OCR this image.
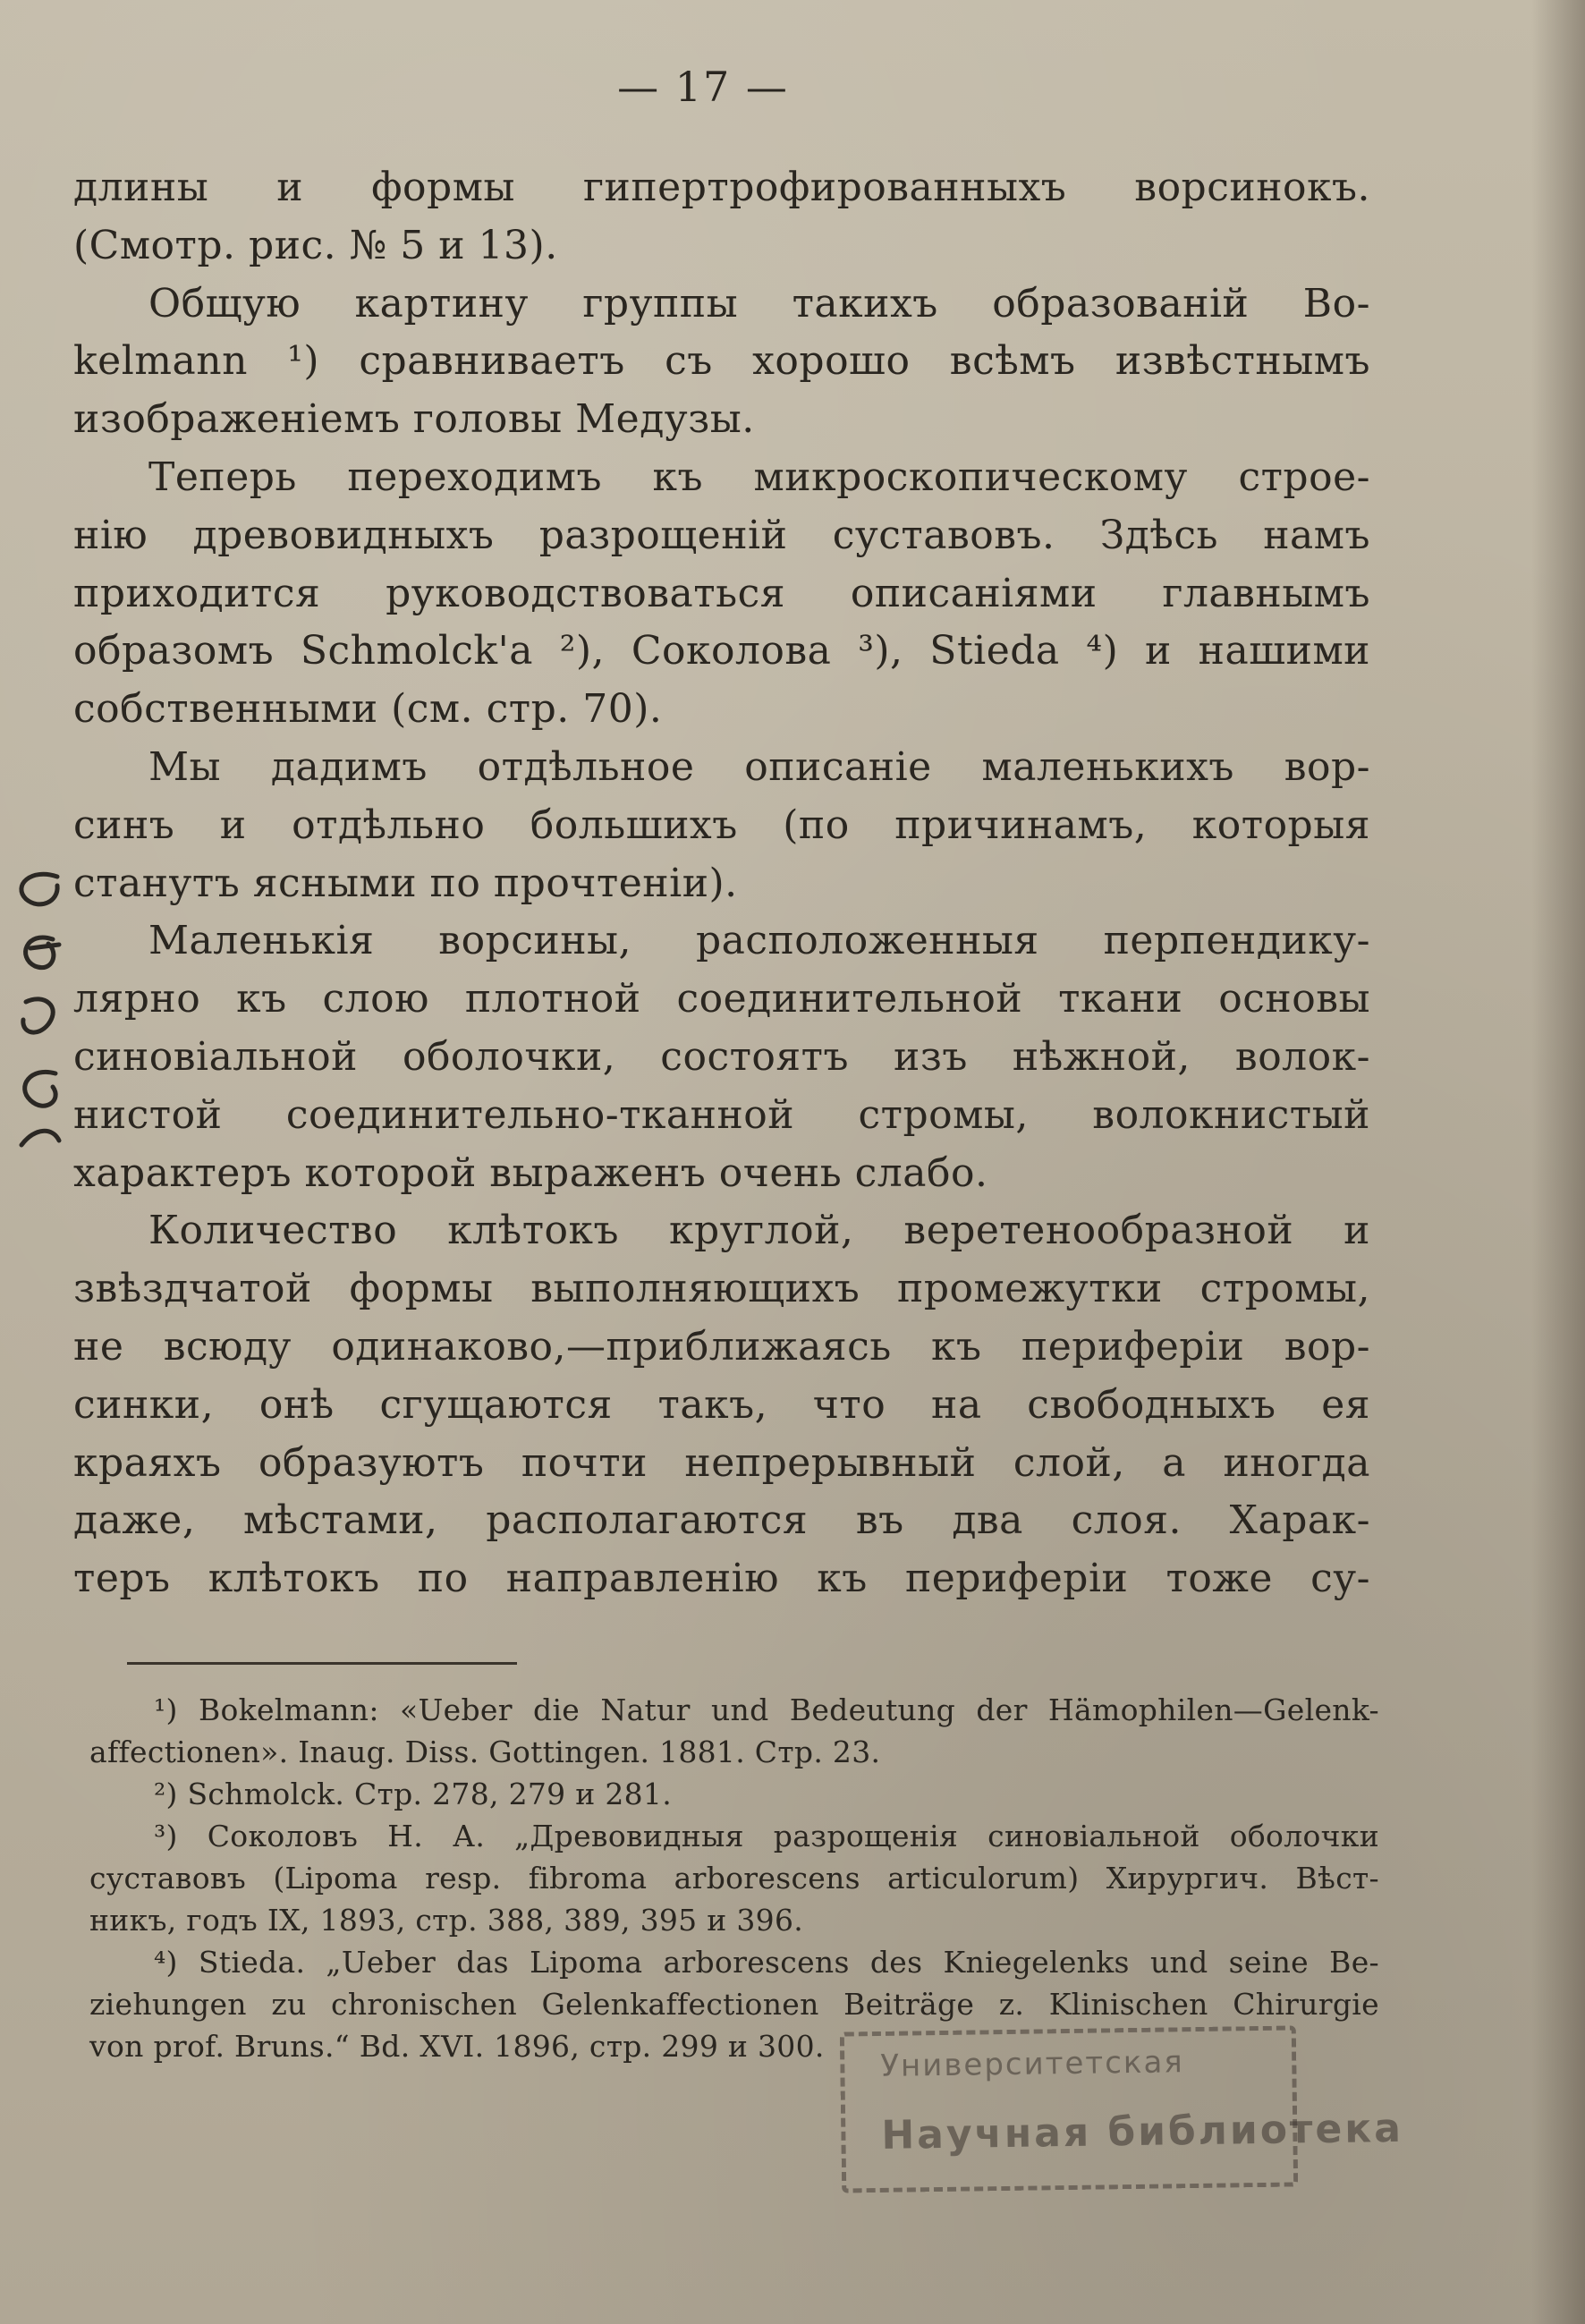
— 17 —

длины и формы гипертрофированныхъ ворсинокъ.
(Смотр. рис. № 5 и 13).

Общую картину группы такихъ образованій Во-
kelmann ¹) сравниваетъ съ хорошо всѣмъ извѣстнымъ
изображеніемъ головы Медузы.

Теперь переходимъ къ микроскопическому строе-
нію древовидныхъ разрощеній суставовъ. Здѣсь намъ
приходится руководствоваться описаніями главнымъ
образомъ Schmolck'а ²), Соколова ³), Stieda ⁴) и нашими
собственными (см. стр. 70).

Мы дадимъ отдѣльное описаніе маленькихъ вор-
синъ и отдѣльно большихъ (по причинамъ, которыя
станутъ ясными по прочтеніи).

Маленькія ворсины, расположенныя перпендику-
лярно къ слою плотной соединительной ткани основы
синовіальной оболочки, состоятъ изъ нѣжной, волок-
нистой соединительно-тканной стромы, волокнистый
характеръ которой выраженъ очень слабо.

Количество клѣтокъ круглой, веретенообразной и
звѣздчатой формы выполняющихъ промежутки стромы,
не всюду одинаково,—приближаясь къ периферіи вор-
синки, онѣ сгущаются такъ, что на свободныхъ ея
краяхъ образуютъ почти непрерывный слой, а иногда
даже, мѣстами, располагаются въ два слоя. Харак-
теръ клѣтокъ по направленію къ периферіи тоже су-

¹) Bokelmann: «Ueber die Natur und Bedeutung der Hämophilen—Gelenk-
affectionen». Inaug. Diss. Gottingen. 1881. Стр. 23.
²) Schmolck. Стр. 278, 279 и 281.
³) Соколовъ Н. А. „Древовидныя разрощенія синовіальной оболочки
суставовъ (Lipoma resp. fibroma arborescens articulorum) Хирургич. Вѣст-
никъ, годъ IX, 1893, стр. 388, 389, 395 и 396.
⁴) Stieda. „Ueber das Lipoma arborescens des Kniegelenks und seine Be-
ziehungen zu chronischen Gelenkaffectionen Beiträge z. Klinischen Chirurgie
von prof. Bruns.“ Bd. XVI. 1896, стр. 299 и 300.	Университетская
Научная библиотека
